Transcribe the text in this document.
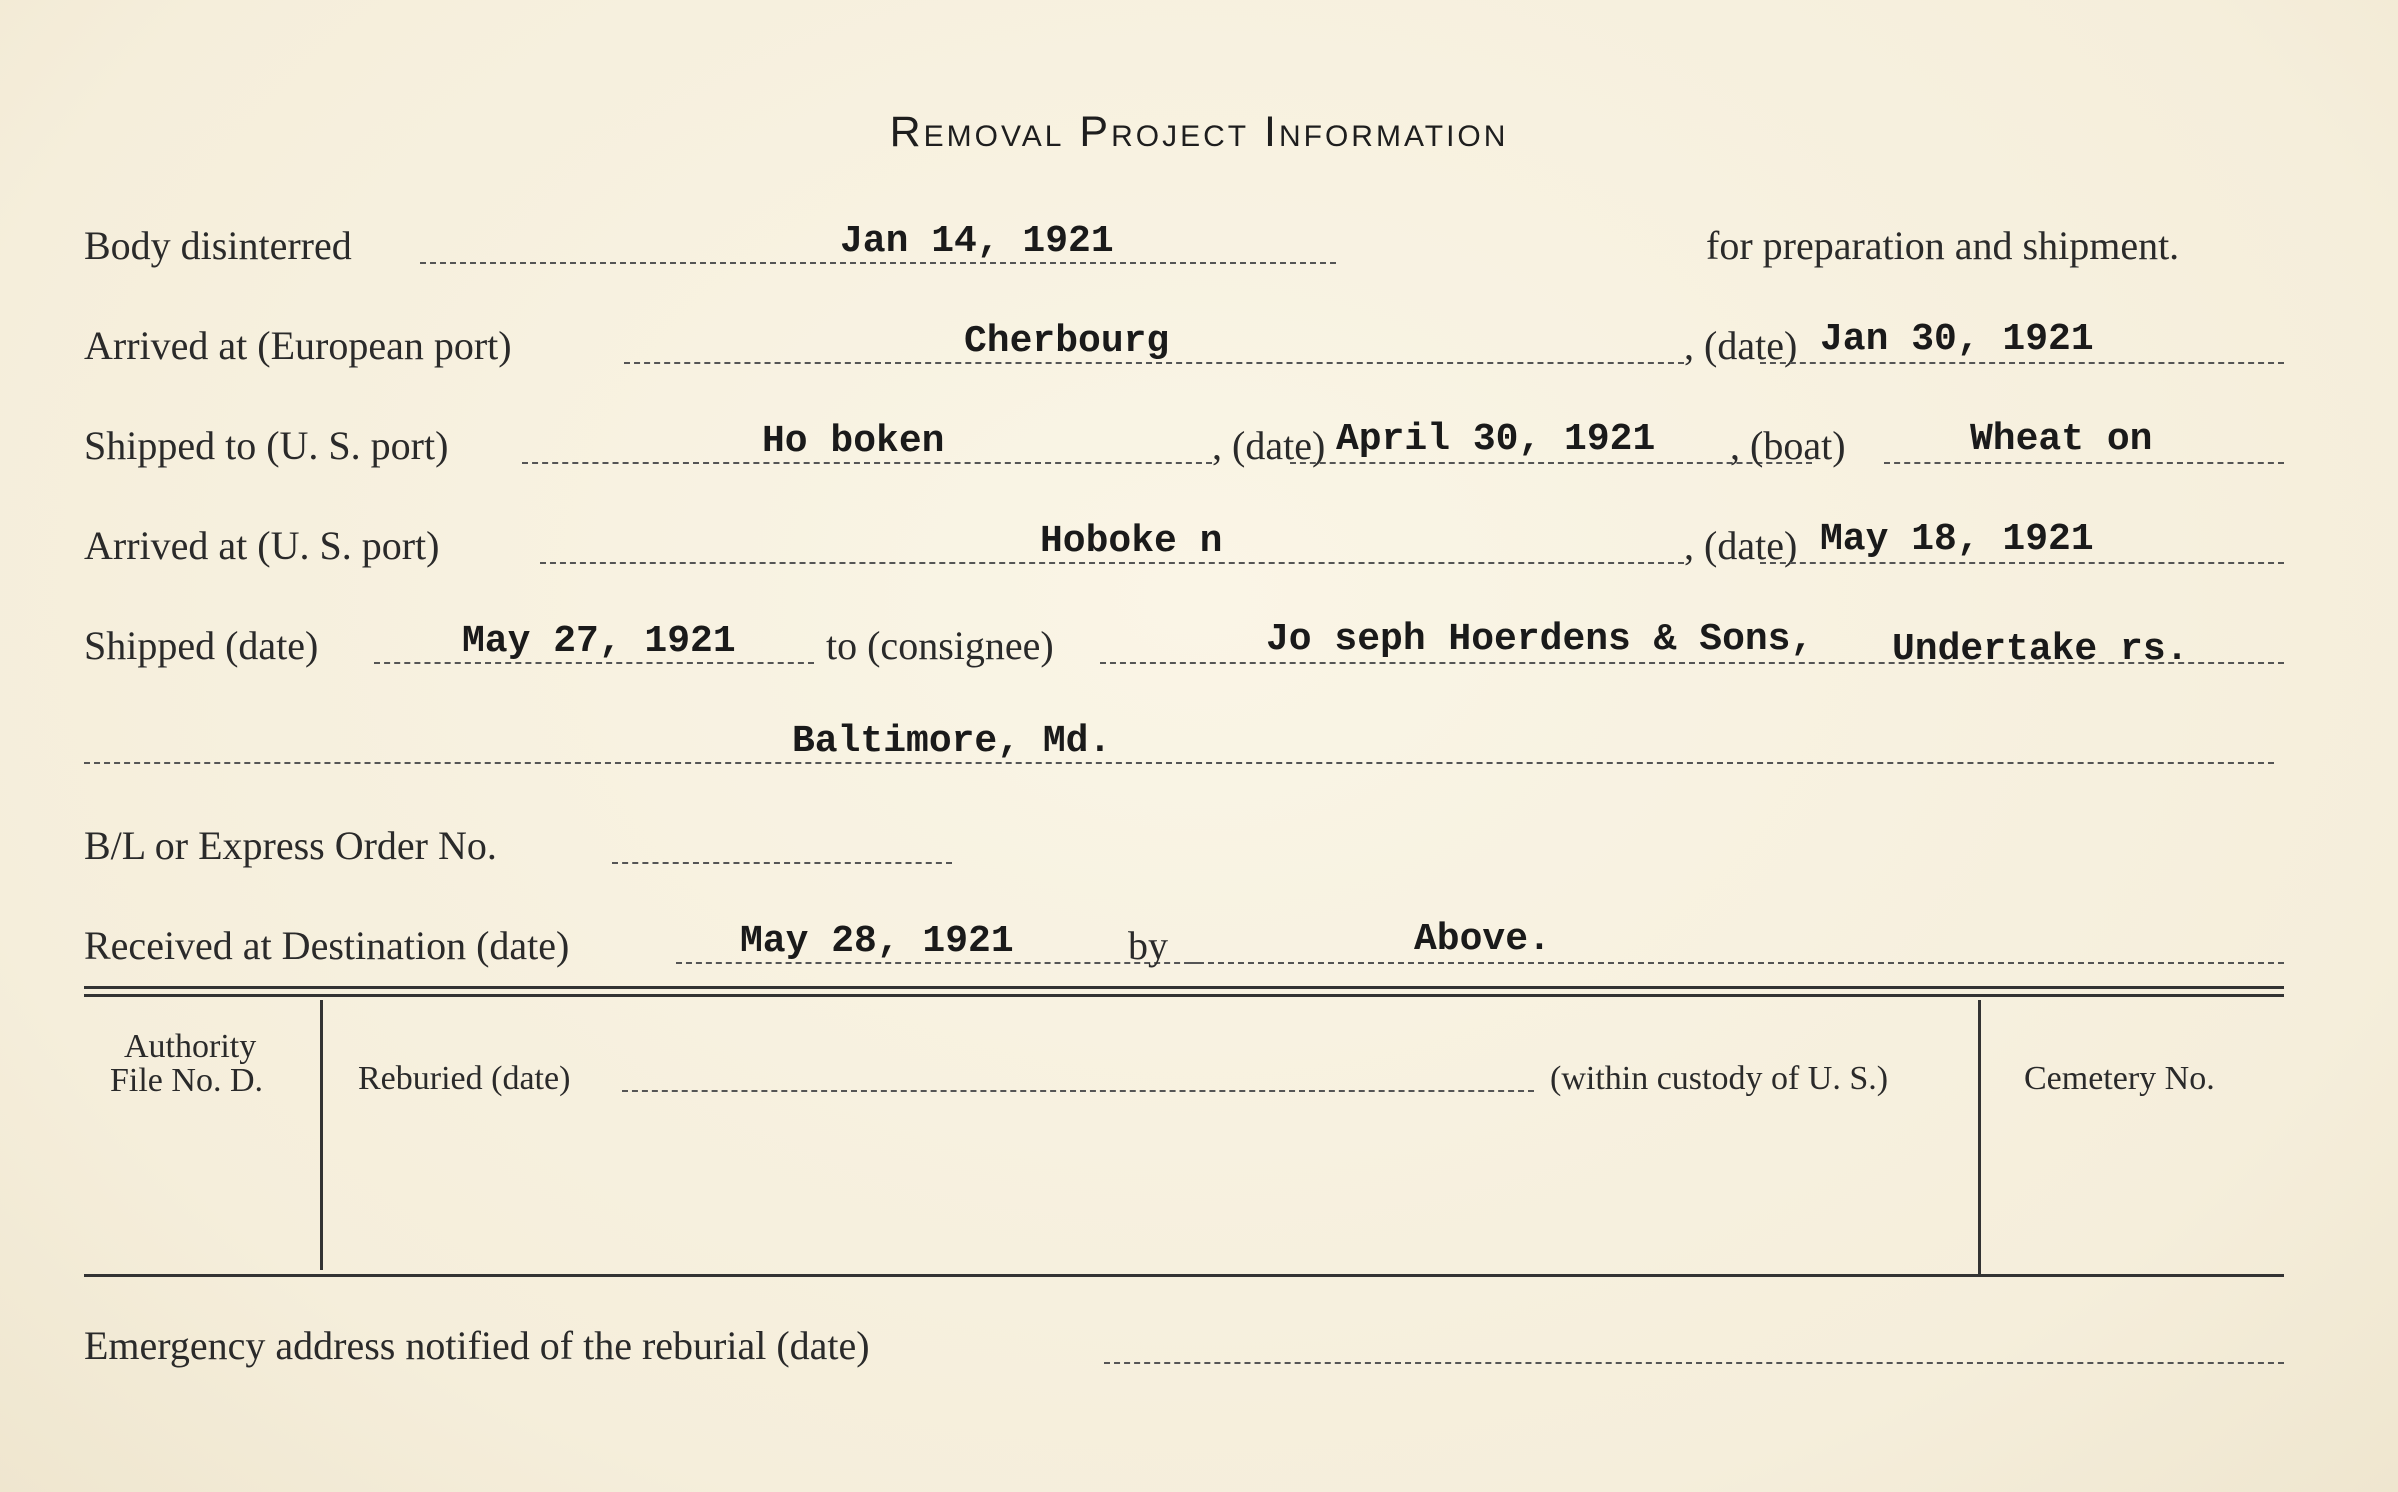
Removal Project Information
Body disinterred	Jan 14, 1921	for preparation and shipment.
Arrived at (European port)	Cherbourg	, (date) Jan 30, 1921
Shipped to (U. S. port)	Ho boken	, (date) April 30, 1921 , (boat)	Wheat on
Arrived at (U. S. port)	Hoboke n	, (date) May 18, 1921
Shipped (date)	May 27, 1921 to (consignee)	Jo seph Hoerdens & Sons, Undertake rs.
Baltimore, Md.
B/L or Express Order No.
Received at Destination (date)	May 28, 1921	by	Above.
Authority
File No. D.	Reburied (date)	(within custody of U. S.)	Cemetery No.
Emergency address notified of the reburial (date)
